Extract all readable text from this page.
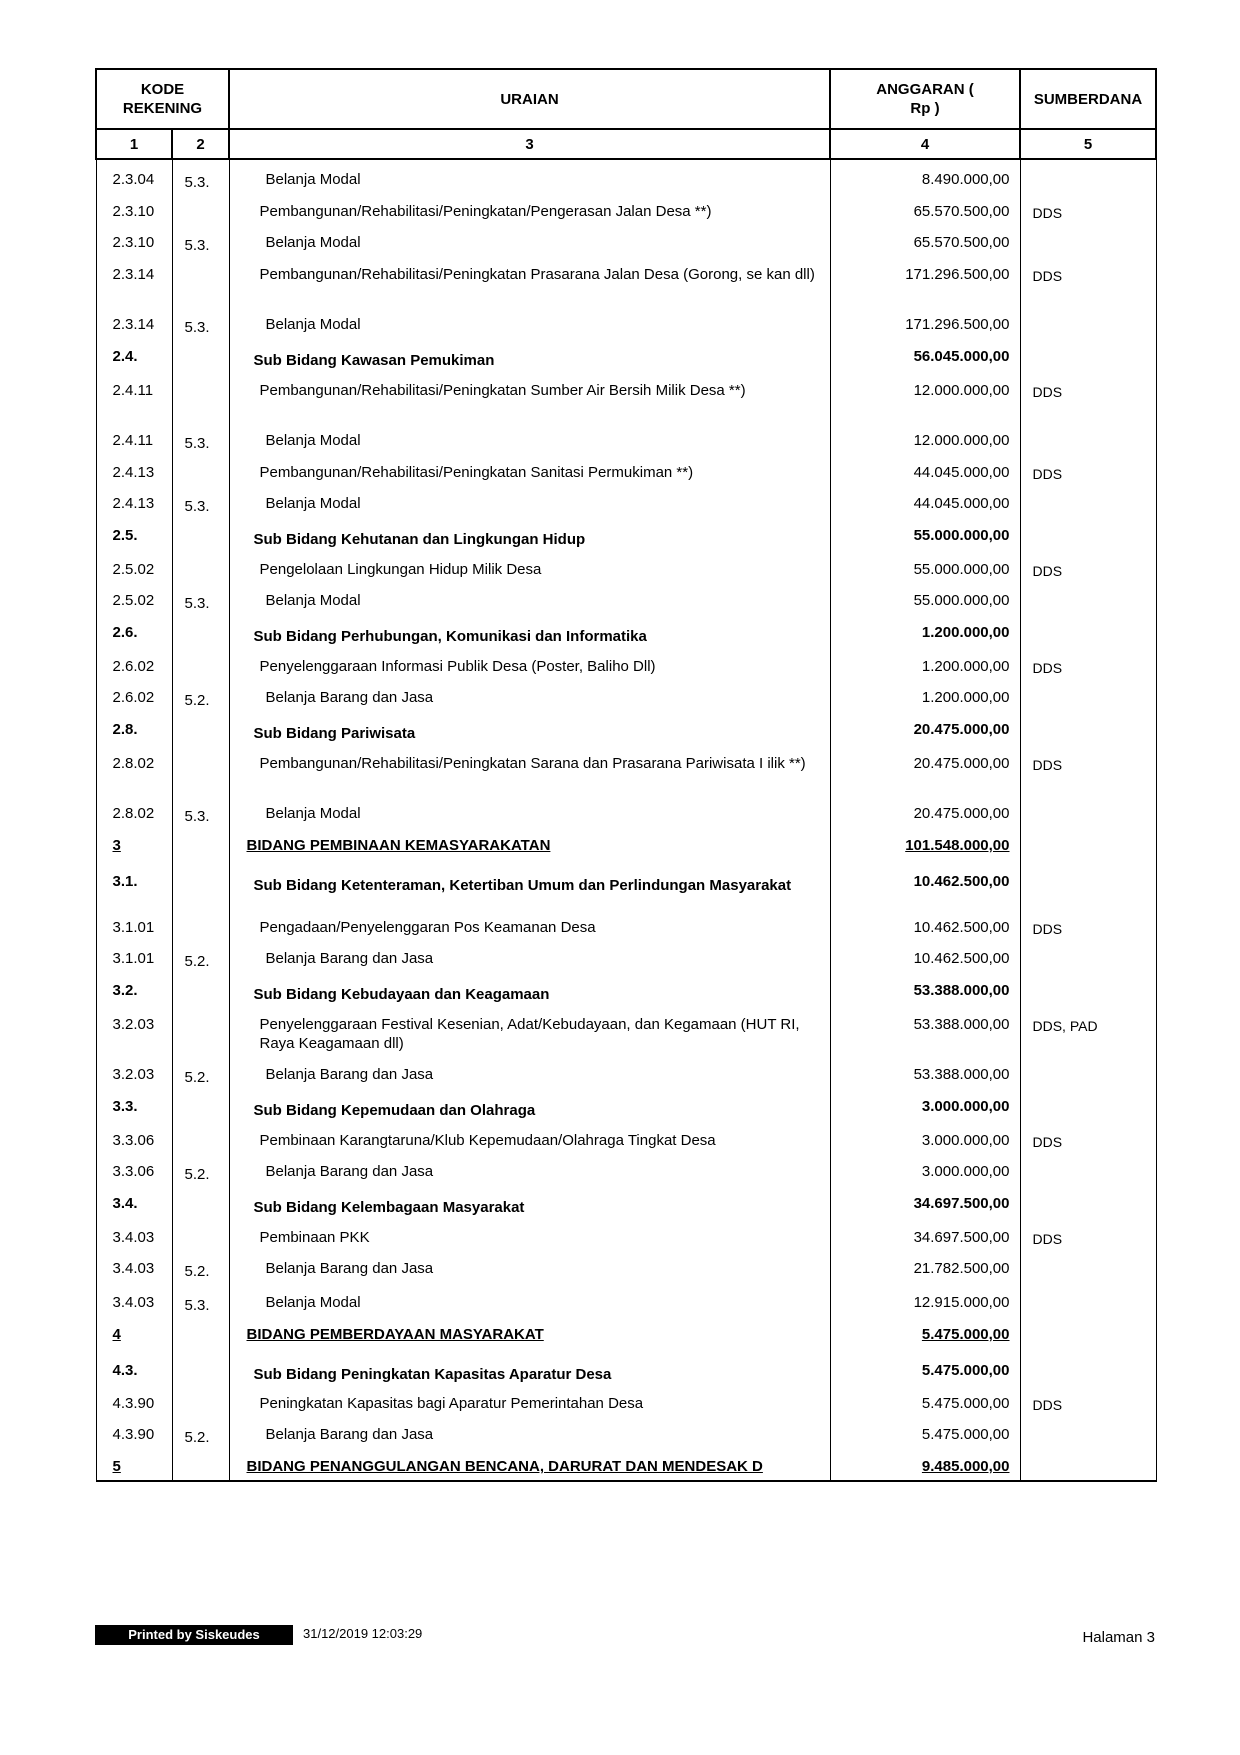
KODE REKENING		URAIAN	ANGGARAN ( Rp )	SUMBERDANA
1	2	3	4	5
2.3.04	5.3.	Belanja Modal	8.490.000,00	
2.3.10		Pembangunan/Rehabilitasi/Peningkatan/Pengerasan Jalan Desa **)	65.570.500,00	DDS
2.3.10	5.3.	Belanja Modal	65.570.500,00	
2.3.14		Pembangunan/Rehabilitasi/Peningkatan Prasarana Jalan Desa (Gorong, se kan dll)	171.296.500,00	DDS
2.3.14	5.3.	Belanja Modal	171.296.500,00	
2.4.		Sub Bidang Kawasan Pemukiman	56.045.000,00	
2.4.11		Pembangunan/Rehabilitasi/Peningkatan Sumber Air Bersih Milik Desa **)	12.000.000,00	DDS
2.4.11	5.3.	Belanja Modal	12.000.000,00	
2.4.13		Pembangunan/Rehabilitasi/Peningkatan Sanitasi Permukiman **)	44.045.000,00	DDS
2.4.13	5.3.	Belanja Modal	44.045.000,00	
2.5.		Sub Bidang Kehutanan dan Lingkungan Hidup	55.000.000,00	
2.5.02		Pengelolaan Lingkungan Hidup Milik Desa	55.000.000,00	DDS
2.5.02	5.3.	Belanja Modal	55.000.000,00	
2.6.		Sub Bidang Perhubungan, Komunikasi dan Informatika	1.200.000,00	
2.6.02		Penyelenggaraan Informasi Publik Desa (Poster, Baliho Dll)	1.200.000,00	DDS
2.6.02	5.2.	Belanja Barang dan Jasa	1.200.000,00	
2.8.		Sub Bidang Pariwisata	20.475.000,00	
2.8.02		Pembangunan/Rehabilitasi/Peningkatan Sarana dan Prasarana Pariwisata I ilik **)	20.475.000,00	DDS
2.8.02	5.3.	Belanja Modal	20.475.000,00	
3		BIDANG PEMBINAAN KEMASYARAKATAN	101.548.000,00	
3.1.		Sub Bidang Ketenteraman, Ketertiban Umum dan Perlindungan Masyarakat	10.462.500,00	
3.1.01		Pengadaan/Penyelenggaran Pos Keamanan Desa	10.462.500,00	DDS
3.1.01	5.2.	Belanja Barang dan Jasa	10.462.500,00	
3.2.		Sub Bidang Kebudayaan dan Keagamaan	53.388.000,00	
3.2.03		Penyelenggaraan Festival Kesenian, Adat/Kebudayaan, dan Kegamaan (HUT RI, Raya Keagamaan dll)	53.388.000,00	DDS, PAD
3.2.03	5.2.	Belanja Barang dan Jasa	53.388.000,00	
3.3.		Sub Bidang Kepemudaan dan Olahraga	3.000.000,00	
3.3.06		Pembinaan Karangtaruna/Klub Kepemudaan/Olahraga Tingkat Desa	3.000.000,00	DDS
3.3.06	5.2.	Belanja Barang dan Jasa	3.000.000,00	
3.4.		Sub Bidang Kelembagaan Masyarakat	34.697.500,00	
3.4.03		Pembinaan PKK	34.697.500,00	DDS
3.4.03	5.2.	Belanja Barang dan Jasa	21.782.500,00	
3.4.03	5.3.	Belanja Modal	12.915.000,00	
4		BIDANG PEMBERDAYAAN MASYARAKAT	5.475.000,00	
4.3.		Sub Bidang Peningkatan Kapasitas Aparatur Desa	5.475.000,00	
4.3.90		Peningkatan Kapasitas bagi Aparatur Pemerintahan Desa	5.475.000,00	DDS
4.3.90	5.2.	Belanja Barang dan Jasa	5.475.000,00	
5		BIDANG PENANGGULANGAN BENCANA, DARURAT DAN MENDESAK D	9.485.000,00	
Printed by Siskeudes	31/12/2019 12:03:29	Halaman 3
